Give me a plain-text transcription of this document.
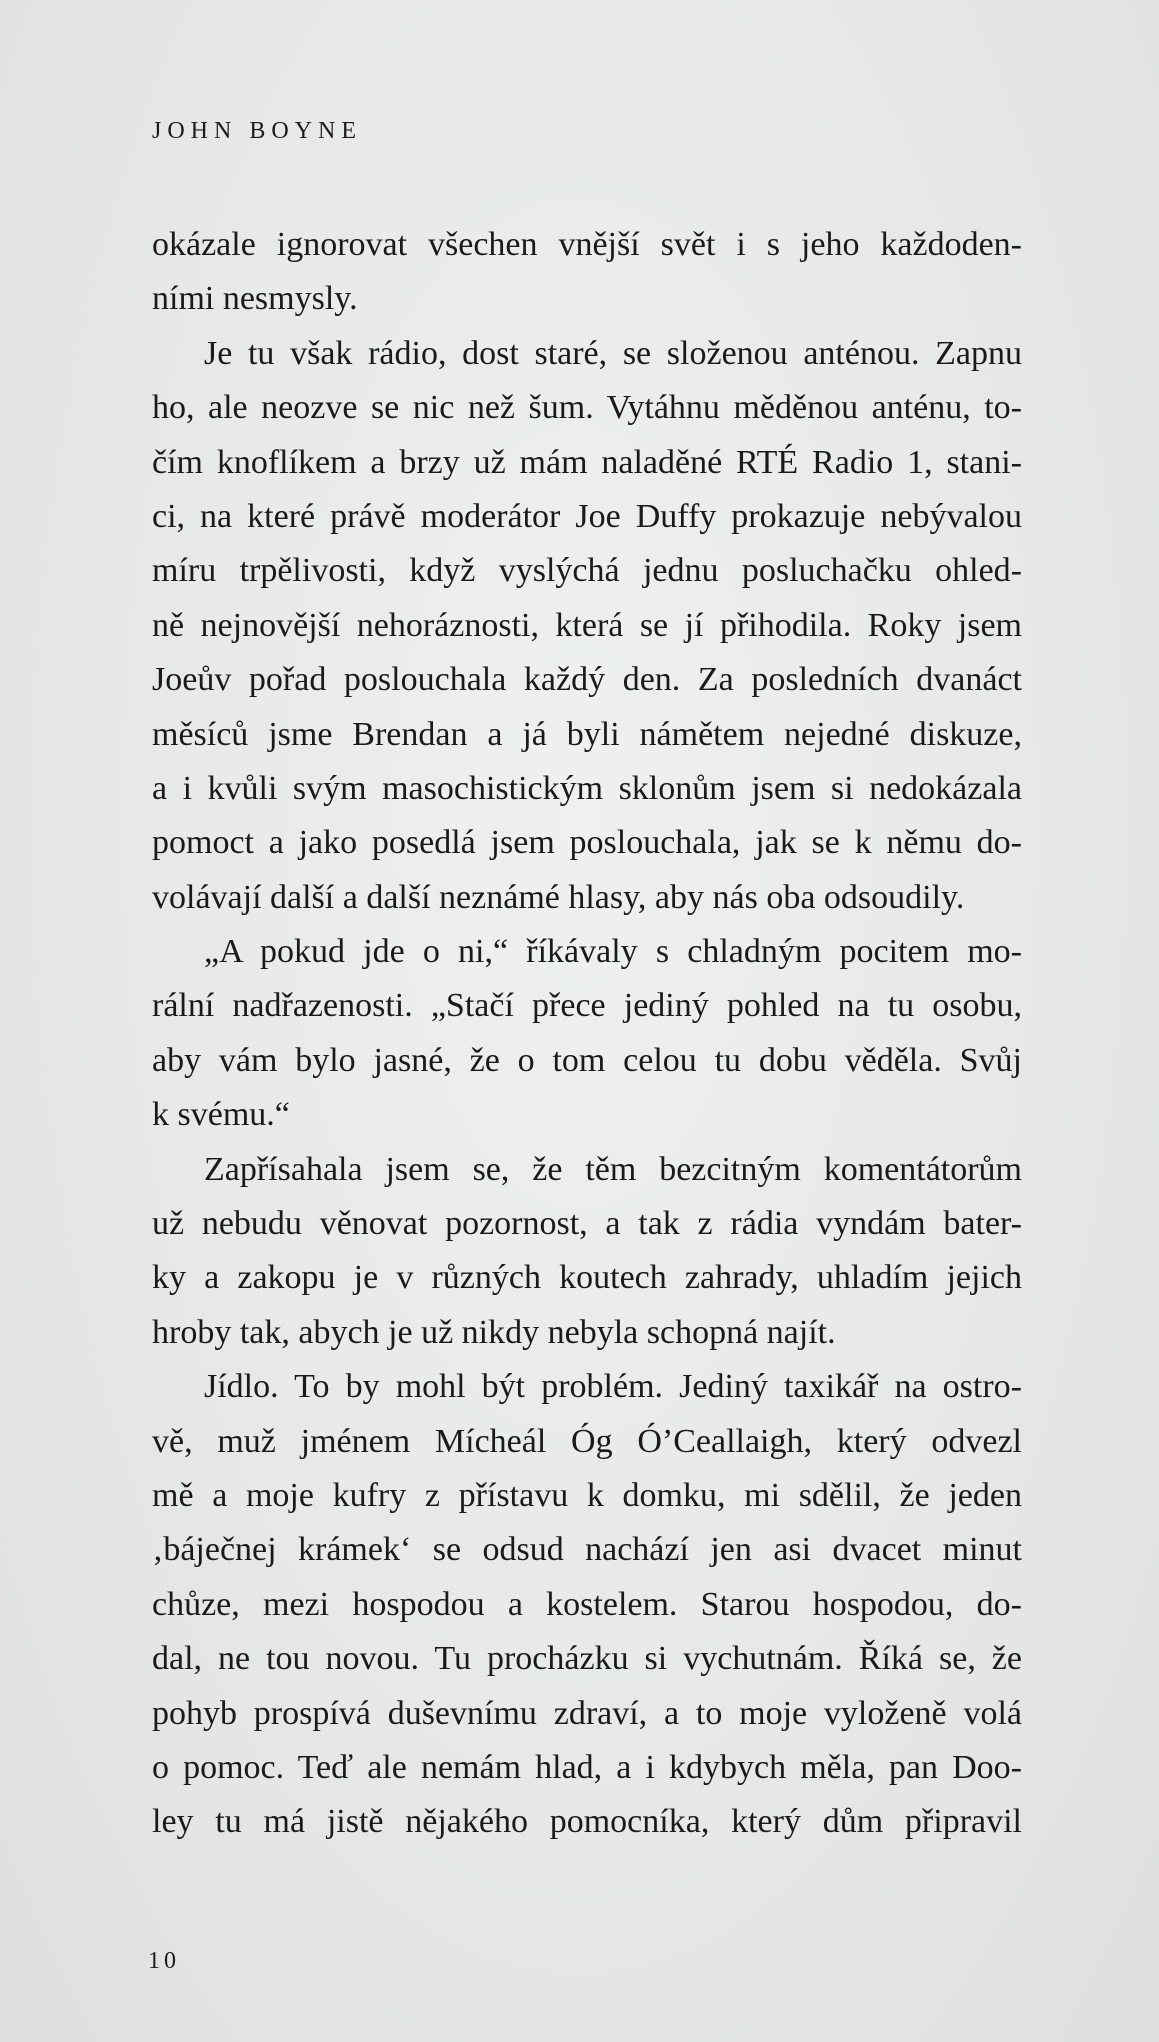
JOHN BOYNE
okázale ignorovat všechen vnější svět i s jeho každoden-
ními nesmysly.
Je tu však rádio, dost staré, se složenou anténou. Zapnu
ho, ale neozve se nic než šum. Vytáhnu měděnou anténu, to-
čím knoflíkem a brzy už mám naladěné RTÉ Radio 1, stani-
ci, na které právě moderátor Joe Duffy prokazuje nebývalou
míru trpělivosti, když vyslýchá jednu posluchačku ohled-
ně nejnovější nehoráznosti, která se jí přihodila. Roky jsem
Joeův pořad poslouchala každý den. Za posledních dvanáct
měsíců jsme Brendan a já byli námětem nejedné diskuze,
a i kvůli svým masochistickým sklonům jsem si nedokázala
pomoct a jako posedlá jsem poslouchala, jak se k němu do-
volávají další a další neznámé hlasy, aby nás oba odsoudily.
„A pokud jde o ni,“ říkávaly s chladným pocitem mo-
rální nadřazenosti. „Stačí přece jediný pohled na tu osobu,
aby vám bylo jasné, že o tom celou tu dobu věděla. Svůj
k svému.“
Zapřísahala jsem se, že těm bezcitným komentátorům
už nebudu věnovat pozornost, a tak z rádia vyndám bater-
ky a zakopu je v různých koutech zahrady, uhladím jejich
hroby tak, abych je už nikdy nebyla schopná najít.
Jídlo. To by mohl být problém. Jediný taxikář na ostro-
vě, muž jménem Mícheál Óg Ó’Ceallaigh, který odvezl
mě a moje kufry z přístavu k domku, mi sdělil, že jeden
‚báječnej krámek‘ se odsud nachází jen asi dvacet minut
chůze, mezi hospodou a kostelem. Starou hospodou, do-
dal, ne tou novou. Tu procházku si vychutnám. Říká se, že
pohyb prospívá duševnímu zdraví, a to moje vyloženě volá
o pomoc. Teď ale nemám hlad, a i kdybych měla, pan Doo-
ley tu má jistě nějakého pomocníka, který dům připravil
10
